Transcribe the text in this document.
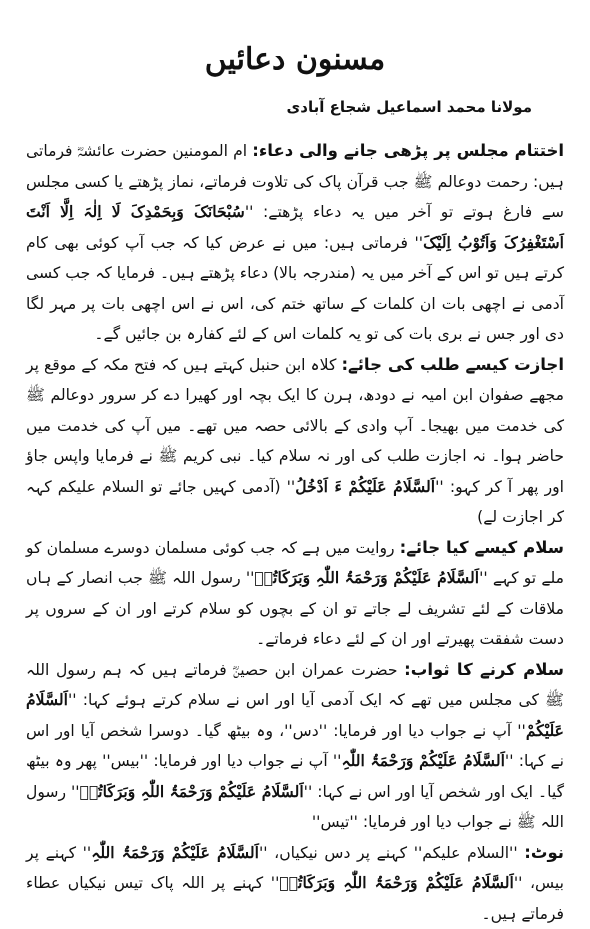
مسنون دعائیں
مولانا محمد اسماعیل شجاع آبادی

اختتام مجلس پر پڑھی جانے والی دعاء: ام المومنین حضرت عائشہؓ فرماتی ہیں: رحمت دوعالم ﷺ جب قرآن پاک کی تلاوت فرماتے، نماز پڑھتے یا کسی مجلس سے فارغ ہوتے تو آخر میں یہ دعاء پڑھتے: ''سُبْحَانَکَ وَبِحَمْدِکَ لَا اِلٰہَ اِلَّا اَنْتَ اَسْتَغْفِرُکَ وَاَتُوْبُ اِلَیْکَ'' فرماتی ہیں: میں نے عرض کیا کہ جب آپ کوئی بھی کام کرتے ہیں تو اس کے آخر میں یہ (مندرجہ بالا) دعاء پڑھتے ہیں۔ فرمایا کہ جب کسی آدمی نے اچھی بات ان کلمات کے ساتھ ختم کی، اس نے اس اچھی بات پر مہر لگا دی اور جس نے بری بات کی تو یہ کلمات اس کے لئے کفارہ بن جائیں گے۔

اجازت کیسے طلب کی جائے: کلاہ ابن حنبل کہتے ہیں کہ فتح مکہ کے موقع پر مجھے صفوان ابن امیہ نے دودھ، ہرن کا ایک بچہ اور کھیرا دے کر سرور دوعالم ﷺ کی خدمت میں بھیجا۔ آپ وادی کے بالائی حصہ میں تھے۔ میں آپ کی خدمت میں حاضر ہوا۔ نہ اجازت طلب کی اور نہ سلام کیا۔ نبی کریم ﷺ نے فرمایا واپس جاؤ اور پھر آ کر کہو: ''اَلسَّلَامُ عَلَیْکُمْ ءَ اَدْخُلُ'' (آدمی کہیں جائے تو السلام علیکم کہہ کر اجازت لے)

سلام کیسے کیا جائے: روایت میں ہے کہ جب کوئی مسلمان دوسرے مسلمان کو ملے تو کہے ''اَلسَّلَامُ عَلَیْکُمْ وَرَحْمَۃُ اللّٰہِ وَبَرَکَاتُہٗ'' رسول اللہ ﷺ جب انصار کے ہاں ملاقات کے لئے تشریف لے جاتے تو ان کے بچوں کو سلام کرتے اور ان کے سروں پر دست شفقت پھیرتے اور ان کے لئے دعاء فرماتے۔

سلام کرنے کا ثواب: حضرت عمران ابن حصینؓ فرماتے ہیں کہ ہم رسول اللہ ﷺ کی مجلس میں تھے کہ ایک آدمی آیا اور اس نے سلام کرتے ہوئے کہا: ''اَلسَّلَامُ عَلَیْکُمْ'' آپ نے جواب دیا اور فرمایا: ''دس''، وہ بیٹھ گیا۔ دوسرا شخص آیا اور اس نے کہا: ''اَلسَّلَامُ عَلَیْکُمْ وَرَحْمَۃُ اللّٰہِ'' آپ نے جواب دیا اور فرمایا: ''بیس'' پھر وہ بیٹھ گیا۔ ایک اور شخص آیا اور اس نے کہا: ''اَلسَّلَامُ عَلَیْکُمْ وَرَحْمَۃُ اللّٰہِ وَبَرَکَاتُہٗ'' رسول اللہ ﷺ نے جواب دیا اور فرمایا: ''تیس''

نوٹ: ''السلام علیکم'' کہنے پر دس نیکیاں، ''اَلسَّلَامُ عَلَیْکُمْ وَرَحْمَۃُ اللّٰہِ'' کہنے پر بیس، ''اَلسَّلَامُ عَلَیْکُمْ وَرَحْمَۃُ اللّٰہِ وَبَرَکَاتُہٗ'' کہنے پر اللہ پاک تیس نیکیاں عطاء فرماتے ہیں۔
